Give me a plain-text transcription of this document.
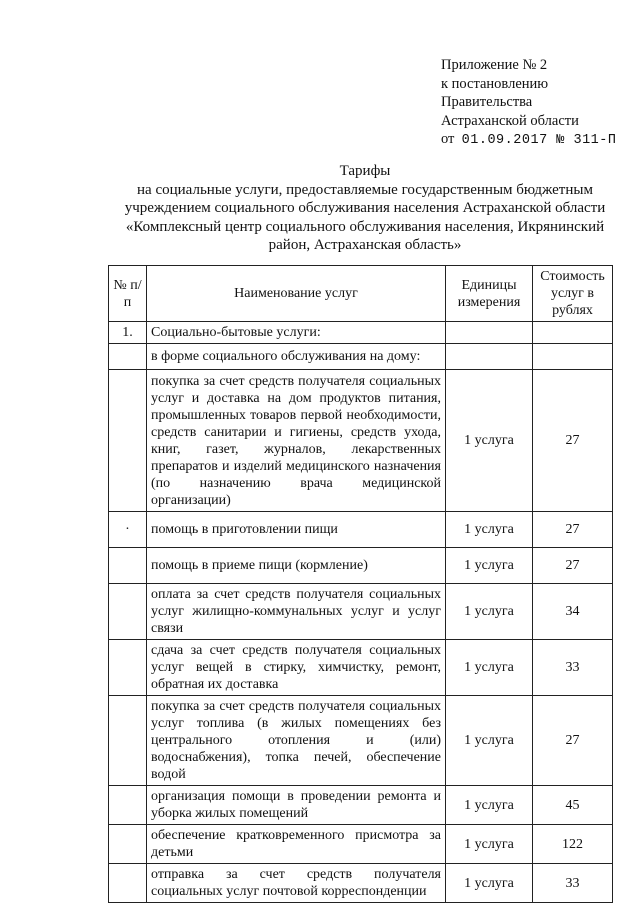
Приложение № 2
к постановлению
Правительства
Астраханской области
от 01.09.2017 № 311-П
Тарифы
на социальные услуги, предоставляемые государственным бюджетным
учреждением социального обслуживания населения Астраханской области
«Комплексный центр социального обслуживания населения, Икрянинский
район, Астраханская область»
№ п/п	Наименование услуг	Единицы измерения	Стоимость услуг в рублях
1.	Социально-бытовые услуги:		
	в форме социального обслуживания на дому:		
	покупка за счет средств получателя социальных услуг и доставка на дом продуктов питания, промышленных товаров первой необходимости, средств санитарии и гигиены, средств ухода, книг, газет, журналов, лекарственных препаратов и изделий медицинского назначения (по назначению врача медицинской организации)	1 услуга	27
·	помощь в приготовлении пищи	1 услуга	27
	помощь в приеме пищи (кормление)	1 услуга	27
	оплата за счет средств получателя социальных услуг жилищно-коммунальных услуг и услуг связи	1 услуга	34
	сдача за счет средств получателя социальных услуг вещей в стирку, химчистку, ремонт, обратная их доставка	1 услуга	33
	покупка за счет средств получателя социальных услуг топлива (в жилых помещениях без центрального отопления и (или) водоснабжения), топка печей, обеспечение водой	1 услуга	27
	организация помощи в проведении ремонта и уборка жилых помещений	1 услуга	45
	обеспечение кратковременного присмотра за детьми	1 услуга	122
	отправка за счет средств получателя социальных услуг почтовой корреспонденции	1 услуга	33
